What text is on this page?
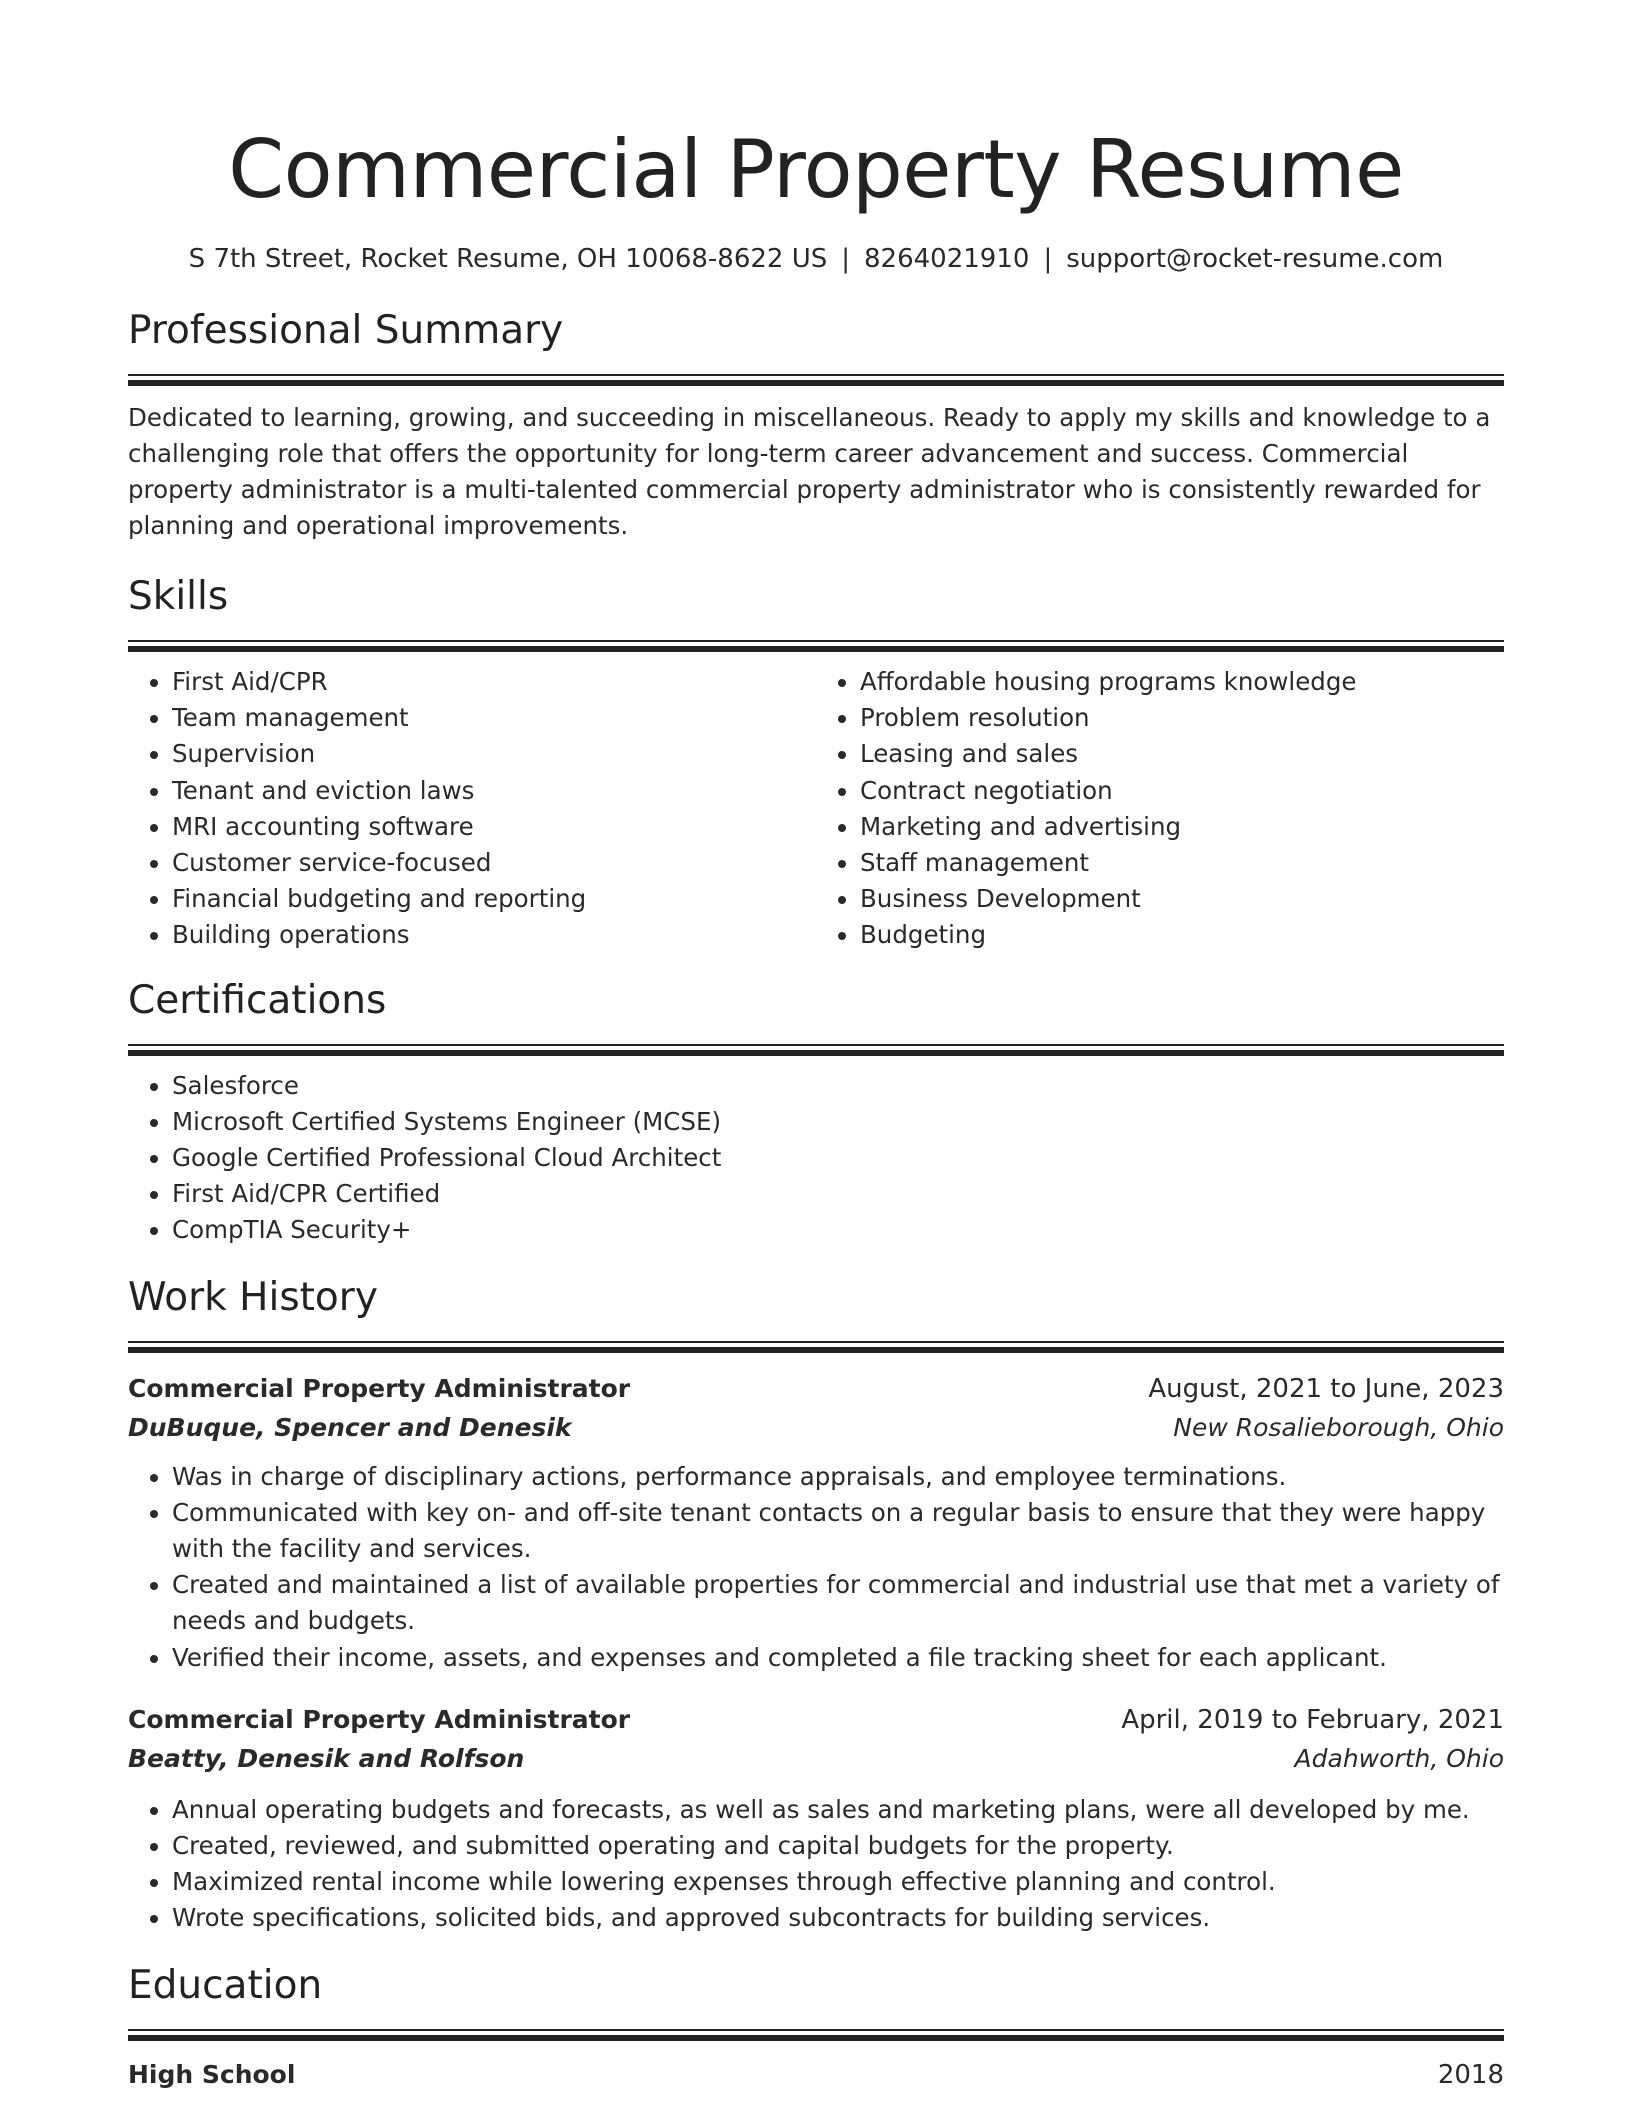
Commercial Property Resume
S 7th Street, Rocket Resume, OH 10068-8622 US | 8264021910 | support@rocket-resume.com
Professional Summary
Dedicated to learning, growing, and succeeding in miscellaneous. Ready to apply my skills and knowledge to a challenging role that offers the opportunity for long-term career advancement and success. Commercial property administrator is a multi-talented commercial property administrator who is consistently rewarded for planning and operational improvements.
Skills
• First Aid/CPR
• Team management
• Supervision
• Tenant and eviction laws
• MRI accounting software
• Customer service-focused
• Financial budgeting and reporting
• Building operations
• Affordable housing programs knowledge
• Problem resolution
• Leasing and sales
• Contract negotiation
• Marketing and advertising
• Staff management
• Business Development
• Budgeting
Certifications
• Salesforce
• Microsoft Certified Systems Engineer (MCSE)
• Google Certified Professional Cloud Architect
• First Aid/CPR Certified
• CompTIA Security+
Work History
Commercial Property Administrator	August, 2021 to June, 2023
DuBuque, Spencer and Denesik	New Rosalieborough, Ohio
• Was in charge of disciplinary actions, performance appraisals, and employee terminations.
• Communicated with key on- and off-site tenant contacts on a regular basis to ensure that they were happy with the facility and services.
• Created and maintained a list of available properties for commercial and industrial use that met a variety of needs and budgets.
• Verified their income, assets, and expenses and completed a file tracking sheet for each applicant.
Commercial Property Administrator	April, 2019 to February, 2021
Beatty, Denesik and Rolfson	Adahworth, Ohio
• Annual operating budgets and forecasts, as well as sales and marketing plans, were all developed by me.
• Created, reviewed, and submitted operating and capital budgets for the property.
• Maximized rental income while lowering expenses through effective planning and control.
• Wrote specifications, solicited bids, and approved subcontracts for building services.
Education
High School	2018
